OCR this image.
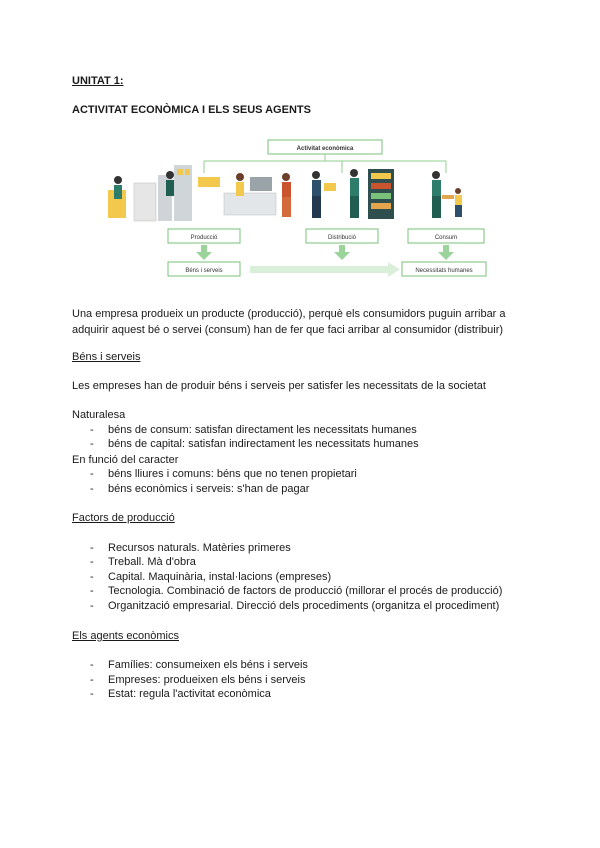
UNITAT 1:

ACTIVITAT ECONÒMICA I ELS SEUS AGENTS

Activitat econòmica
Producció	Distribució	Consum
Béns i serveis	Necessitats humanes

Una empresa produeix un producte (producció), perquè els consumidors puguin arribar a
adquirir aquest bé o servei (consum) han de fer que faci arribar al consumidor (distribuir)

Béns i serveis

Les empreses han de produir béns i serveis per satisfer les necessitats de la societat

Naturalesa

- béns de consum: satisfan directament les necessitats humanes
- béns de capital: satisfan indirectament les necessitats humanes

En funció del caracter

- béns lliures i comuns: béns que no tenen propietari
- béns econòmics i serveis: s'han de pagar

Factors de producció

- Recursos naturals. Matèries primeres
- Treball. Mà d'obra
- Capital. Maquinària, instal·lacions (empreses)
- Tecnologia. Combinació de factors de producció (millorar el procés de producció)
- Organització empresarial. Direcció dels procediments (organitza el procediment)

Els agents econòmics

- Famílies: consumeixen els béns i serveis
- Empreses: produeixen els béns i serveis
- Estat: regula l'activitat econòmica
